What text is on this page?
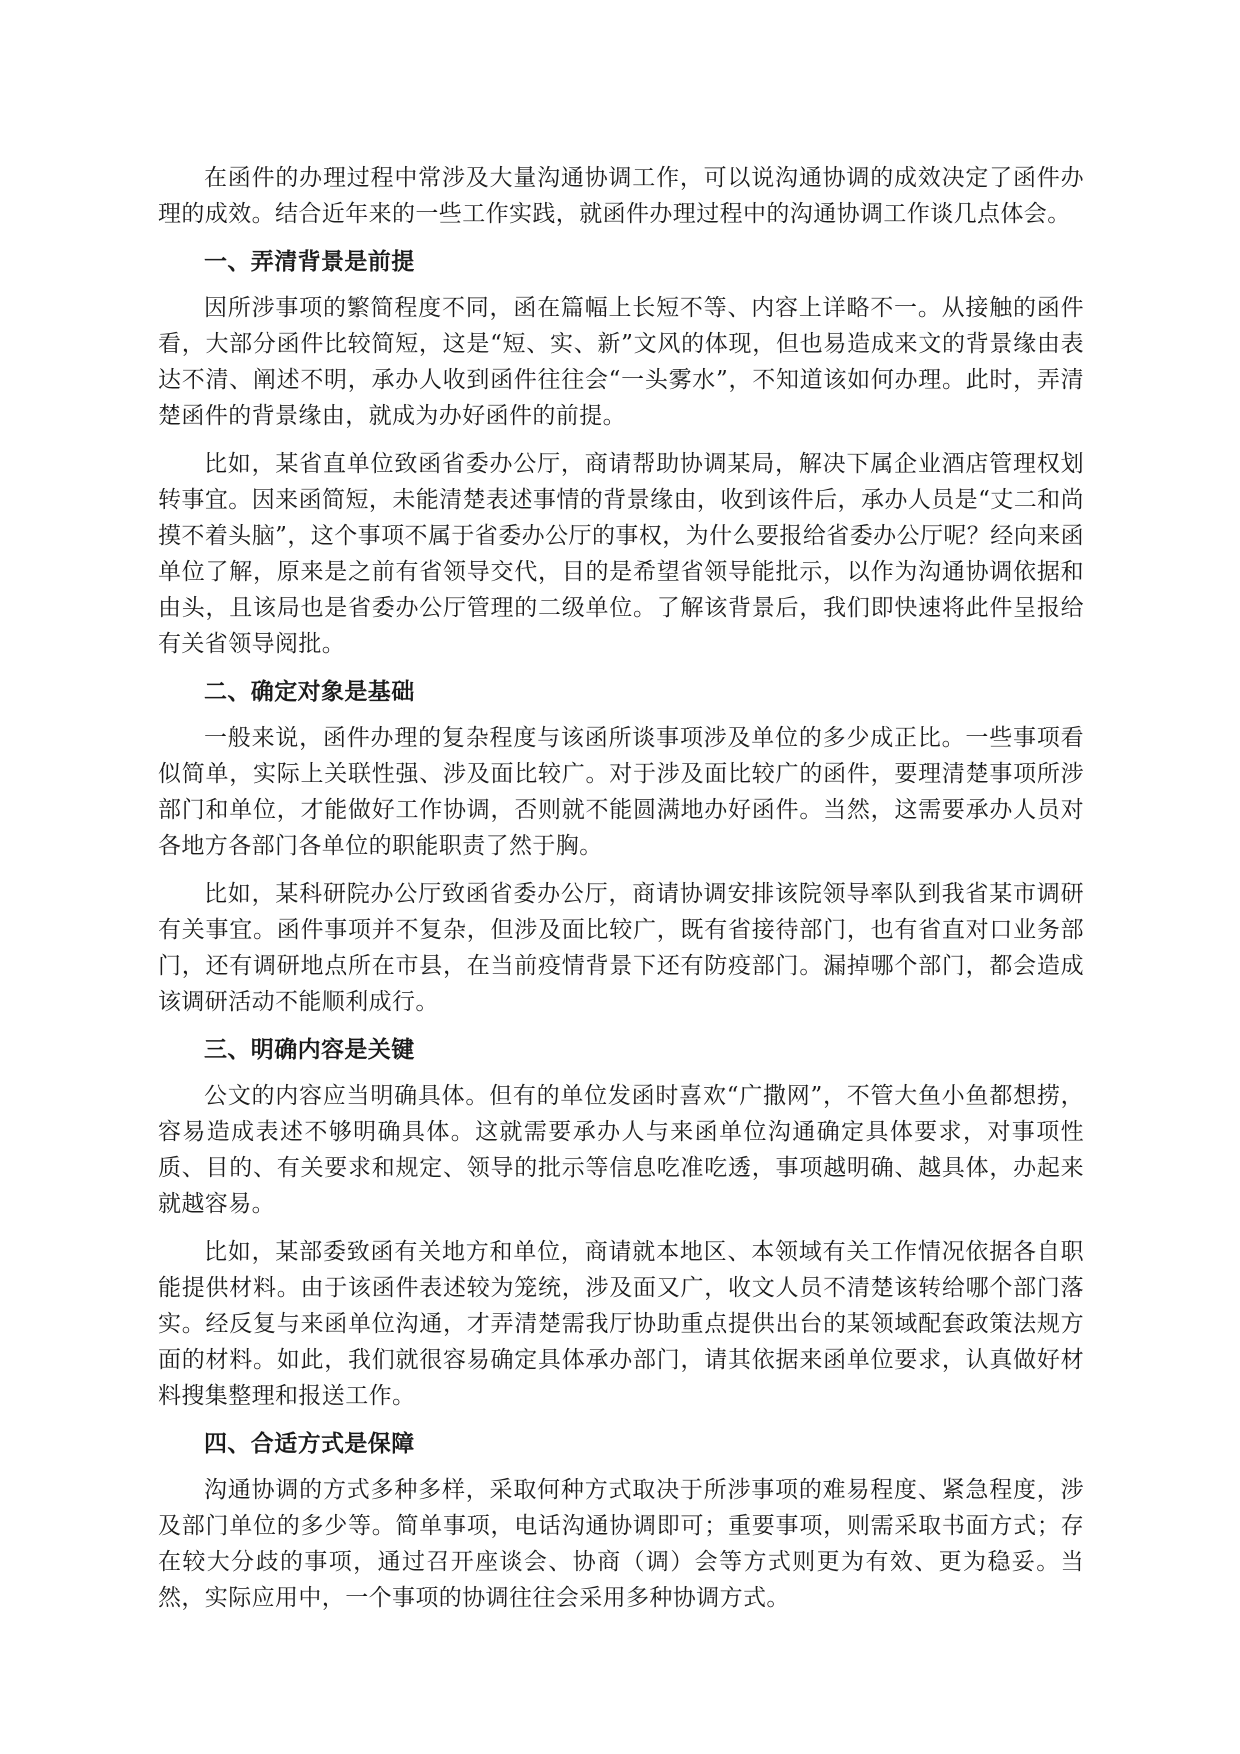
在函件的办理过程中常涉及大量沟通协调工作，可以说沟通协调的成效决定了函件办理的成效。结合近年来的一些工作实践，就函件办理过程中的沟通协调工作谈几点体会。

一、弄清背景是前提

因所涉事项的繁简程度不同，函在篇幅上长短不等、内容上详略不一。从接触的函件看，大部分函件比较简短，这是“短、实、新”文风的体现，但也易造成来文的背景缘由表达不清、阐述不明，承办人收到函件往往会“一头雾水”，不知道该如何办理。此时，弄清楚函件的背景缘由，就成为办好函件的前提。

比如，某省直单位致函省委办公厅，商请帮助协调某局，解决下属企业酒店管理权划转事宜。因来函简短，未能清楚表述事情的背景缘由，收到该件后，承办人员是“丈二和尚摸不着头脑”，这个事项不属于省委办公厅的事权，为什么要报给省委办公厅呢？经向来函单位了解，原来是之前有省领导交代，目的是希望省领导能批示，以作为沟通协调依据和由头，且该局也是省委办公厅管理的二级单位。了解该背景后，我们即快速将此件呈报给有关省领导阅批。

二、确定对象是基础

一般来说，函件办理的复杂程度与该函所谈事项涉及单位的多少成正比。一些事项看似简单，实际上关联性强、涉及面比较广。对于涉及面比较广的函件，要理清楚事项所涉部门和单位，才能做好工作协调，否则就不能圆满地办好函件。当然，这需要承办人员对各地方各部门各单位的职能职责了然于胸。

比如，某科研院办公厅致函省委办公厅，商请协调安排该院领导率队到我省某市调研有关事宜。函件事项并不复杂，但涉及面比较广，既有省接待部门，也有省直对口业务部门，还有调研地点所在市县，在当前疫情背景下还有防疫部门。漏掉哪个部门，都会造成该调研活动不能顺利成行。

三、明确内容是关键

公文的内容应当明确具体。但有的单位发函时喜欢“广撒网”，不管大鱼小鱼都想捞，容易造成表述不够明确具体。这就需要承办人与来函单位沟通确定具体要求，对事项性质、目的、有关要求和规定、领导的批示等信息吃准吃透，事项越明确、越具体，办起来就越容易。

比如，某部委致函有关地方和单位，商请就本地区、本领域有关工作情况依据各自职能提供材料。由于该函件表述较为笼统，涉及面又广，收文人员不清楚该转给哪个部门落实。经反复与来函单位沟通，才弄清楚需我厅协助重点提供出台的某领域配套政策法规方面的材料。如此，我们就很容易确定具体承办部门，请其依据来函单位要求，认真做好材料搜集整理和报送工作。

四、合适方式是保障

沟通协调的方式多种多样，采取何种方式取决于所涉事项的难易程度、紧急程度，涉及部门单位的多少等。简单事项，电话沟通协调即可；重要事项，则需采取书面方式；存在较大分歧的事项，通过召开座谈会、协商（调）会等方式则更为有效、更为稳妥。当然，实际应用中，一个事项的协调往往会采用多种协调方式。
